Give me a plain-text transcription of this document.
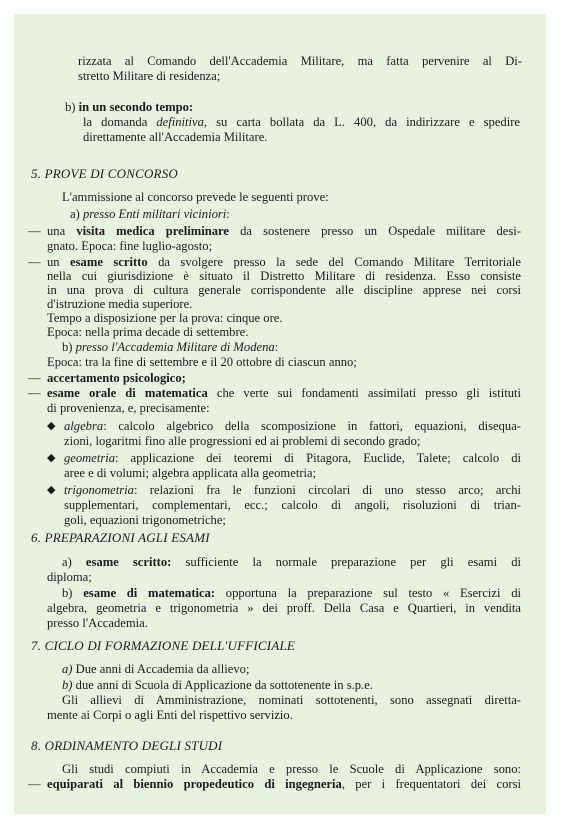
rizzata al Comando dell'Accademia Militare, ma fatta pervenire al Di-
stretto Militare di residenza;
b) in un secondo tempo:
la domanda definitiva, su carta bollata da L. 400, da indirizzare e spedire
direttamente all'Accademia Militare.
5. PROVE DI CONCORSO
L'ammissione al concorso prevede le seguenti prove:
a) presso Enti militari viciniori:
— una visita medica preliminare da sostenere presso un Ospedale militare desi-
gnato. Epoca: fine luglio-agosto;
— un esame scritto da svolgere presso la sede del Comando Militare Territoriale
nella cui giurisdizione è situato il Distretto Militare di residenza. Esso consiste
in una prova di cultura generale corrispondente alle discipline apprese nei corsi
d'istruzione media superiore.
Tempo a disposizione per la prova: cinque ore.
Epoca: nella prima decade di settembre.
b) presso l'Accademia Militare di Modena:
Epoca: tra la fine di settembre e il 20 ottobre di ciascun anno;
— accertamento psicologico;
— esame orale di matematica che verte sui fondamenti assimilati presso gli istituti
di provenienza, e, precisamente:
◆ algebra: calcolo algebrico della scomposizione in fattori, equazioni, disequa-
zioni, logaritmi fino alle progressioni ed ai problemi di secondo grado;
◆ geometria: applicazione dei teoremi di Pitagora, Euclide, Talete; calcolo di
aree e di volumi; algebra applicata alla geometria;
◆ trigonometria: relazioni fra le funzioni circolari di uno stesso arco; archi
supplementari, complementari, ecc.; calcolo di angoli, risoluzioni di trian-
goli, equazioni trigonometriche;
6. PREPARAZIONI AGLI ESAMI
a) esame scritto: sufficiente la normale preparazione per gli esami di
diploma;
b) esame di matematica: opportuna la preparazione sul testo « Esercizi di
algebra, geometria e trigonometria » dei proff. Della Casa e Quartieri, in vendita
presso l'Accademia.
7. CICLO DI FORMAZIONE DELL'UFFICIALE
a) Due anni di Accademia da allievo;
b) due anni di Scuola di Applicazione da sottotenente in s.p.e.
Gli allievi di Amministrazione, nominati sottotenenti, sono assegnati diretta-
mente ai Corpi o agli Enti del rispettivo servizio.
8. ORDINAMENTO DEGLI STUDI
Gli studi compiuti in Accademia e presso le Scuole di Applicazione sono:
— equiparati al biennio propedeutico di ingegneria, per i frequentatori dei corsi
